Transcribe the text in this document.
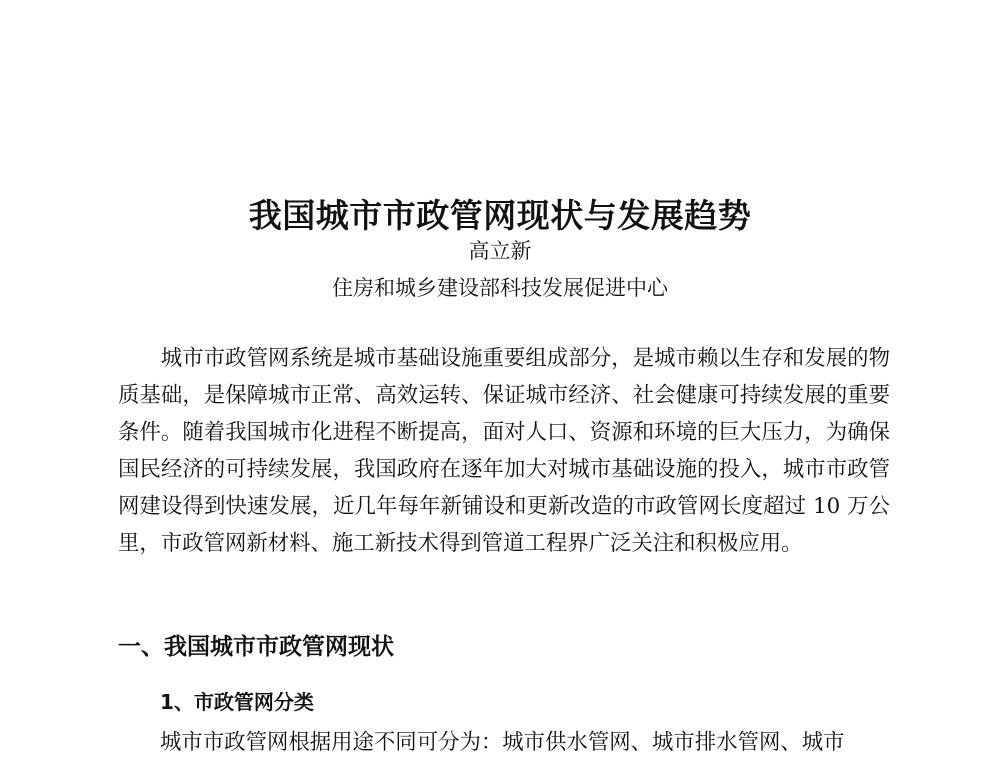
我国城市市政管网现状与发展趋势
高立新
住房和城乡建设部科技发展促进中心

城市市政管网系统是城市基础设施重要组成部分，是城市赖以生存和发展的物质基础，是保障城市正常、高效运转、保证城市经济、社会健康可持续发展的重要条件。随着我国城市化进程不断提高，面对人口、资源和环境的巨大压力，为确保国民经济的可持续发展，我国政府在逐年加大对城市基础设施的投入，城市市政管网建设得到快速发展，近几年每年新铺设和更新改造的市政管网长度超过 10 万公里，市政管网新材料、施工新技术得到管道工程界广泛关注和积极应用。

一、我国城市市政管网现状
1、市政管网分类

城市市政管网根据用途不同可分为：城市供水管网、城市排水管网、城市
